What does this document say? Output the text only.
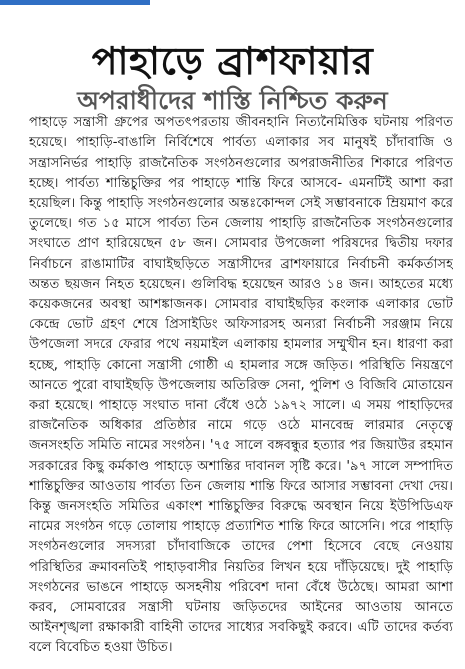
পাহাড়ে ব্রাশফায়ার
অপরাধীদের শাস্তি নিশ্চিত করুন

পাহাড়ে সন্ত্রাসী গ্রুপের অপতৎপরতায় জীবনহানি নিত্যনৈমিত্তিক ঘটনায় পরিণত হয়েছে। পাহাড়ি-বাঙালি নির্বিশেষে পার্বত্য এলাকার সব মানুষই চাঁদাবাজি ও সন্ত্রাসনির্ভর পাহাড়ি রাজনৈতিক সংগঠনগুলোর অপরাজনীতির শিকারে পরিণত হচ্ছে। পার্বত্য শান্তিচুক্তির পর পাহাড়ে শান্তি ফিরে আসবে- এমনটিই আশা করা হয়েছিল। কিন্তু পাহাড়ি সংগঠনগুলোর অন্তঃকোন্দল সেই সম্ভাবনাকে ম্রিয়মাণ করে তুলেছে। গত ১৫ মাসে পার্বত্য তিন জেলায় পাহাড়ি রাজনৈতিক সংগঠনগুলোর সংঘাতে প্রাণ হারিয়েছেন ৫৮ জন। সোমবার উপজেলা পরিষদের দ্বিতীয় দফার নির্বাচনে রাঙামাটির বাঘাইছড়িতে সন্ত্রাসীদের ব্রাশফায়ারে নির্বাচনী কর্মকর্তাসহ অন্তত ছয়জন নিহত হয়েছেন। গুলিবিদ্ধ হয়েছেন আরও ১৪ জন। আহতের মধ্যে কয়েকজনের অবস্থা আশঙ্কাজনক। সোমবার বাঘাইছড়ির কংলাক এলাকার ভোট কেন্দ্রে ভোট গ্রহণ শেষে প্রিসাইডিং অফিসারসহ অন্যরা নির্বাচনী সরঞ্জাম নিয়ে উপজেলা সদরে ফেরার পথে নয়মাইল এলাকায় হামলার সম্মুখীন হন। ধারণা করা হচ্ছে, পাহাড়ি কোনো সন্ত্রাসী গোষ্ঠী এ হামলার সঙ্গে জড়িত। পরিস্থিতি নিয়ন্ত্রণে আনতে পুরো বাঘাইছড়ি উপজেলায় অতিরিক্ত সেনা, পুলিশ ও বিজিবি মোতায়েন করা হয়েছে। পাহাড়ে সংঘাত দানা বেঁধে ওঠে ১৯৭২ সালে। এ সময় পাহাড়িদের রাজনৈতিক অধিকার প্রতিষ্ঠার নামে গড়ে ওঠে মানবেন্দ্র লারমার নেতৃত্বে জনসংহতি সমিতি নামের সংগঠন। '৭৫ সালে বঙ্গবন্ধুর হত্যার পর জিয়াউর রহমান সরকারের কিছু কর্মকাণ্ড পাহাড়ে অশান্তির দাবানল সৃষ্টি করে। '৯৭ সালে সম্পাদিত শান্তিচুক্তির আওতায় পার্বত্য তিন জেলায় শান্তি ফিরে আসার সম্ভাবনা দেখা দেয়। কিন্তু জনসংহতি সমিতির একাংশ শান্তিচুক্তির বিরুদ্ধে অবস্থান নিয়ে ইউপিডিএফ নামের সংগঠন গড়ে তোলায় পাহাড়ে প্রত্যাশিত শান্তি ফিরে আসেনি। পরে পাহাড়ি সংগঠনগুলোর সদস্যরা চাঁদাবাজিকে তাদের পেশা হিসেবে বেছে নেওয়ায় পরিস্থিতির ক্রমাবনতিই পাহাড়বাসীর নিয়তির লিখন হয়ে দাঁড়িয়েছে। দুই পাহাড়ি সংগঠনের ভাঙনে পাহাড়ে অসহনীয় পরিবেশ দানা বেঁধে উঠেছে। আমরা আশা করব, সোমবারের সন্ত্রাসী ঘটনায় জড়িতদের আইনের আওতায় আনতে আইনশৃঙ্খলা রক্ষাকারী বাহিনী তাদের সাধ্যের সবকিছুই করবে। এটি তাদের কর্তব্য বলে বিবেচিত হওয়া উচিত।
